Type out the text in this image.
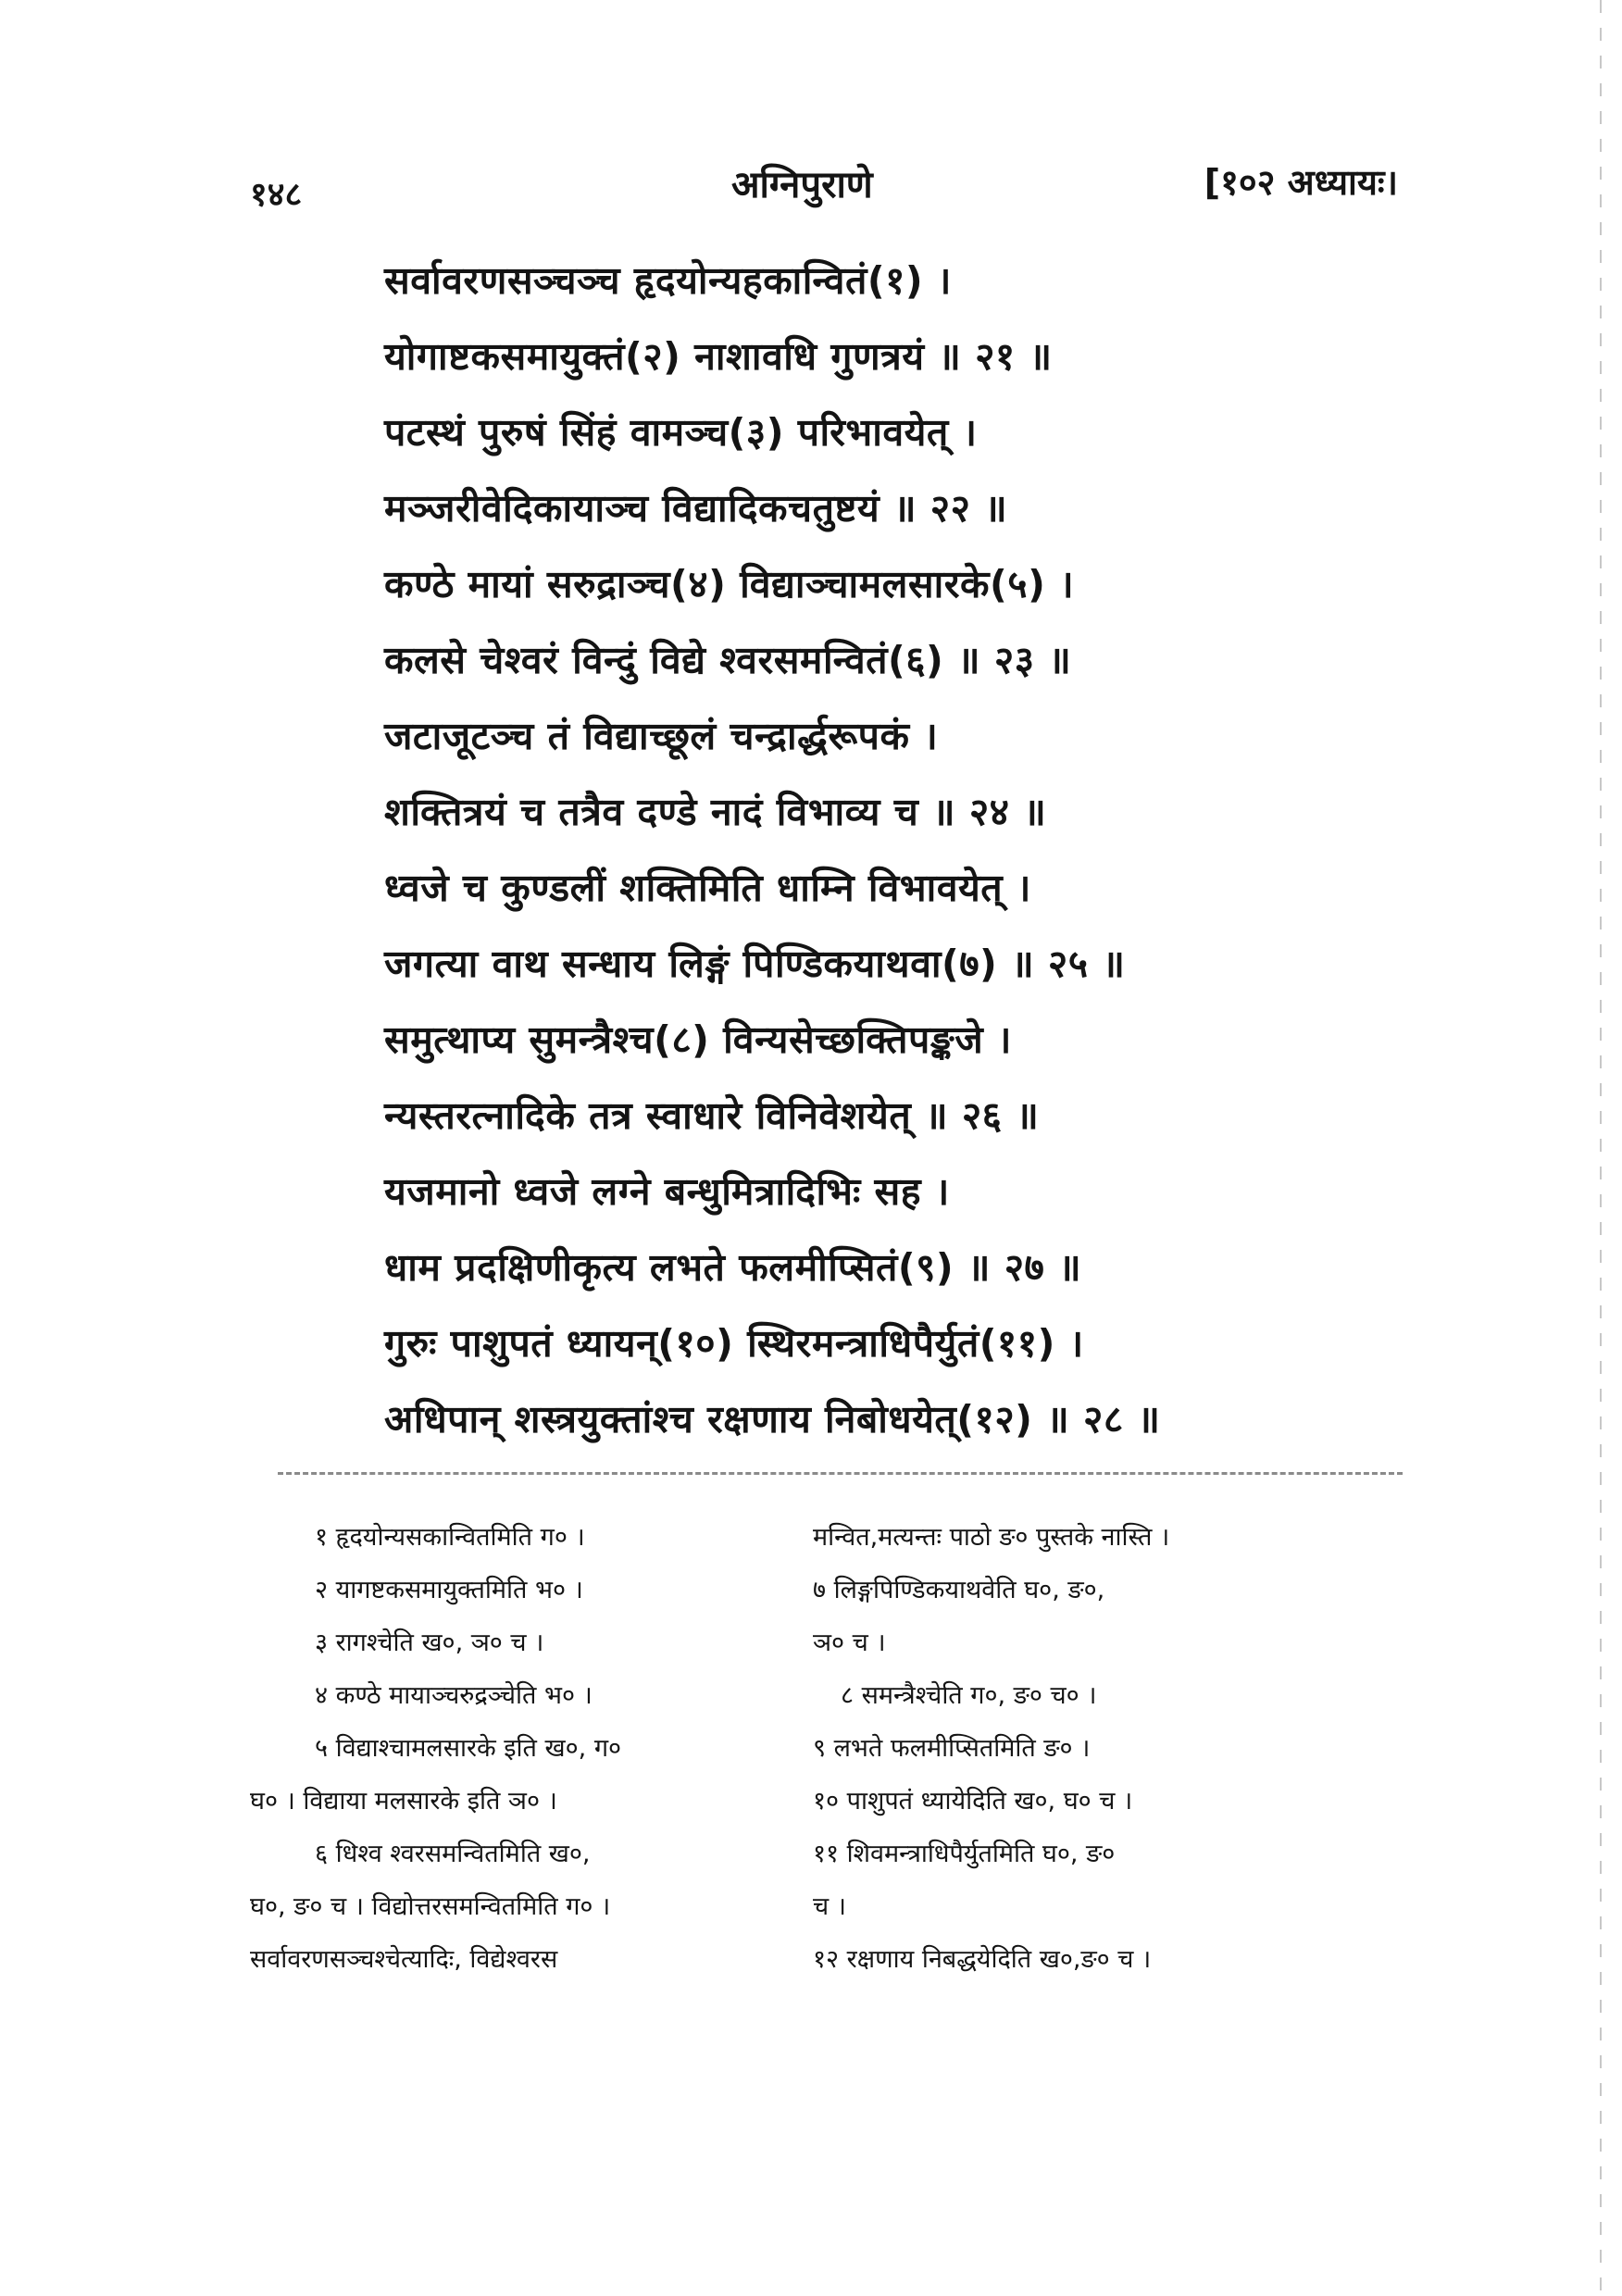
१४८	अग्निपुराणे	[१०२ अध्यायः।
सर्वावरणसञ्चञ्च हृदयोन्यहकान्वितं(१) ।
योगाष्टकसमायुक्तं(२) नाशावधि गुणत्रयं ॥ २१ ॥
पटस्थं पुरुषं सिंहं वामञ्च(३) परिभावयेत् ।
मञ्जरीवेदिकायाञ्च विद्यादिकचतुष्टयं ॥ २२ ॥
कण्ठे मायां सरुद्राञ्च(४) विद्याञ्चामलसारके(५) ।
कलसे चेश्वरं विन्दुं विद्ये श्वरसमन्वितं(६) ॥ २३ ॥
जटाजूटञ्च तं विद्याच्छूलं चन्द्रार्द्धरूपकं ।
शक्तित्रयं च तत्रैव दण्डे नादं विभाव्य च ॥ २४ ॥
ध्वजे च कुण्डलीं शक्तिमिति धाम्नि विभावयेत् ।
जगत्या वाथ सन्धाय लिङ्गं पिण्डिकयाथवा(७) ॥ २५ ॥
समुत्थाप्य सुमन्त्रैश्च(८) विन्यसेच्छक्तिपङ्कजे ।
न्यस्तरत्नादिके तत्र स्वाधारे विनिवेशयेत् ॥ २६ ॥
यजमानो ध्वजे लग्ने बन्धुमित्रादिभिः सह ।
धाम प्रदक्षिणीकृत्य लभते फलमीप्सितं(९) ॥ २७ ॥
गुरुः पाशुपतं ध्यायन्(१०) स्थिरमन्त्राधिपैर्युतं(११) ।
अधिपान् शस्त्रयुक्तांश्च रक्षणाय निबोधयेत्(१२) ॥ २८ ॥
१ हृदयोन्यसकान्वितमिति ग० ।
२ यागष्टकसमायुक्तमिति भ० ।
३ रागश्चेति ख०, ञ० च ।
४ कण्ठे मायाञ्चरुद्रञ्चेति भ० ।
५ विद्याश्चामलसारके इति ख०, ग०
घ० । विद्याया मलसारके इति ञ० ।
६ धिश्व श्वरसमन्वितमिति ख०,
घ०, ङ० च । विद्योत्तरसमन्वितमिति ग० ।
सर्वावरणसञ्चश्चेत्यादिः, विद्येश्वरस
मन्वित,मत्यन्तः पाठो ङ० पुस्तके नास्ति ।
७ लिङ्गपिण्डिकयाथवेति घ०, ङ०,
ञ० च ।
८ समन्त्रैश्चेति ग०, ङ० च० ।
९ लभते फलमीप्सितमिति ङ० ।
१० पाशुपतं ध्यायेदिति ख०, घ० च ।
११ शिवमन्त्राधिपैर्युतमिति घ०, ङ०
च ।
१२ रक्षणाय निबद्धयेदिति ख०,ङ० च ।
